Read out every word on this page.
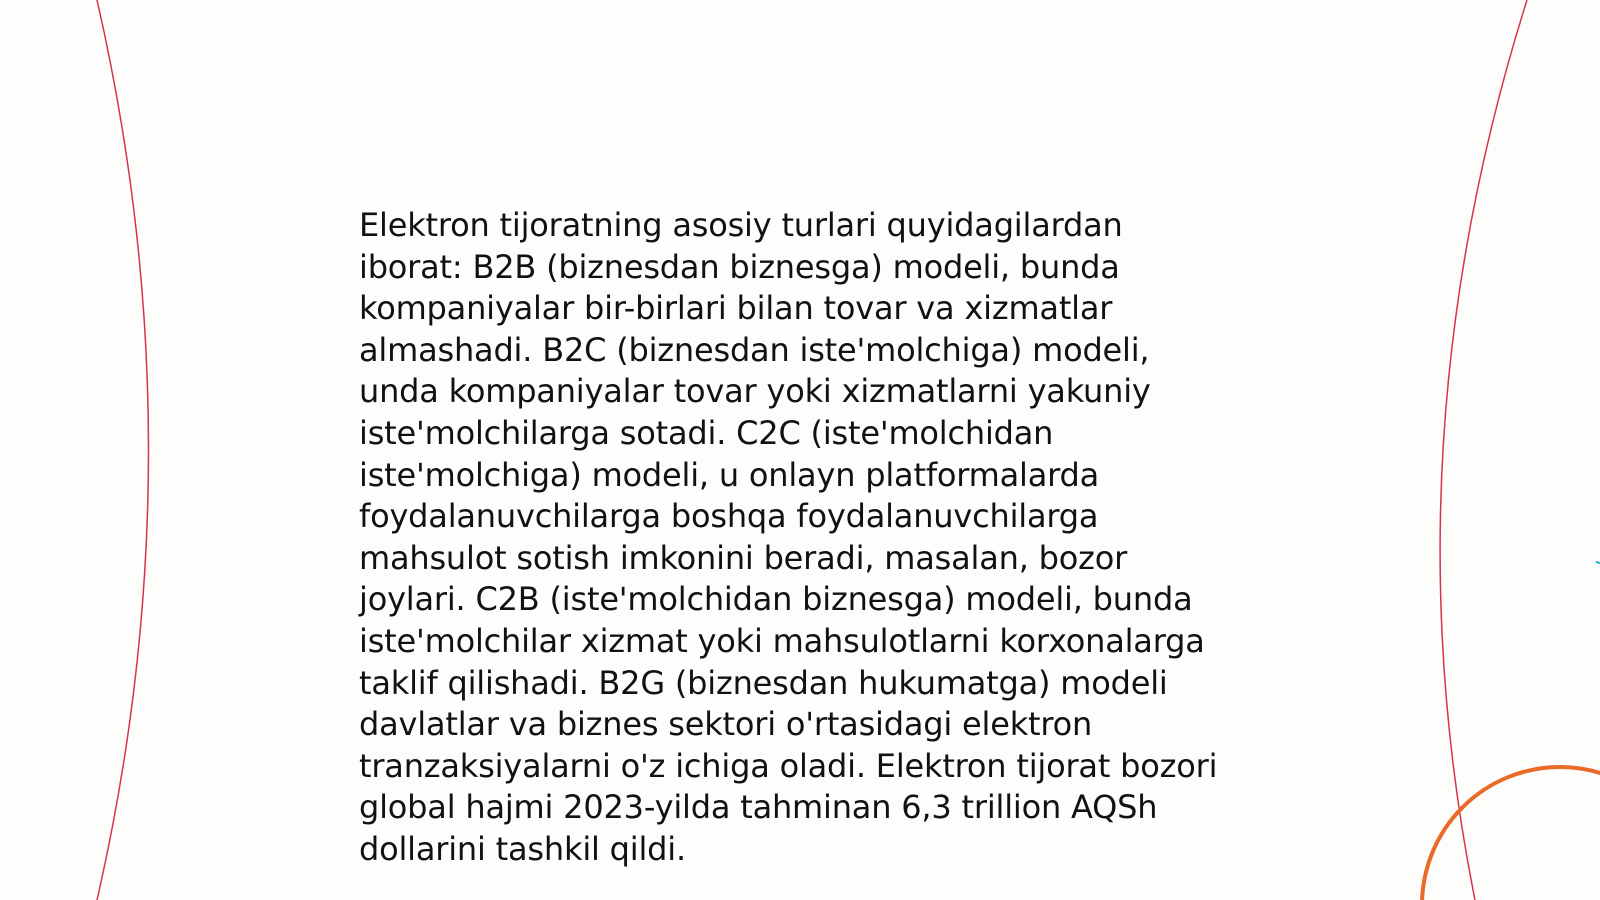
Elektron tijoratning asosiy turlari quyidagilardan
iborat: B2B (biznesdan biznesga) modeli, bunda
kompaniyalar bir-birlari bilan tovar va xizmatlar
almashadi. B2C (biznesdan iste'molchiga) modeli,
unda kompaniyalar tovar yoki xizmatlarni yakuniy
iste'molchilarga sotadi. C2C (iste'molchidan
iste'molchiga) modeli, u onlayn platformalarda
foydalanuvchilarga boshqa foydalanuvchilarga
mahsulot sotish imkonini beradi, masalan, bozor
joylari. C2B (iste'molchidan biznesga) modeli, bunda
iste'molchilar xizmat yoki mahsulotlarni korxonalarga
taklif qilishadi. B2G (biznesdan hukumatga) modeli
davlatlar va biznes sektori o'rtasidagi elektron
tranzaksiyalarni o'z ichiga oladi. Elektron tijorat bozori
global hajmi 2023-yilda tahminan 6,3 trillion AQSh
dollarini tashkil qildi.
